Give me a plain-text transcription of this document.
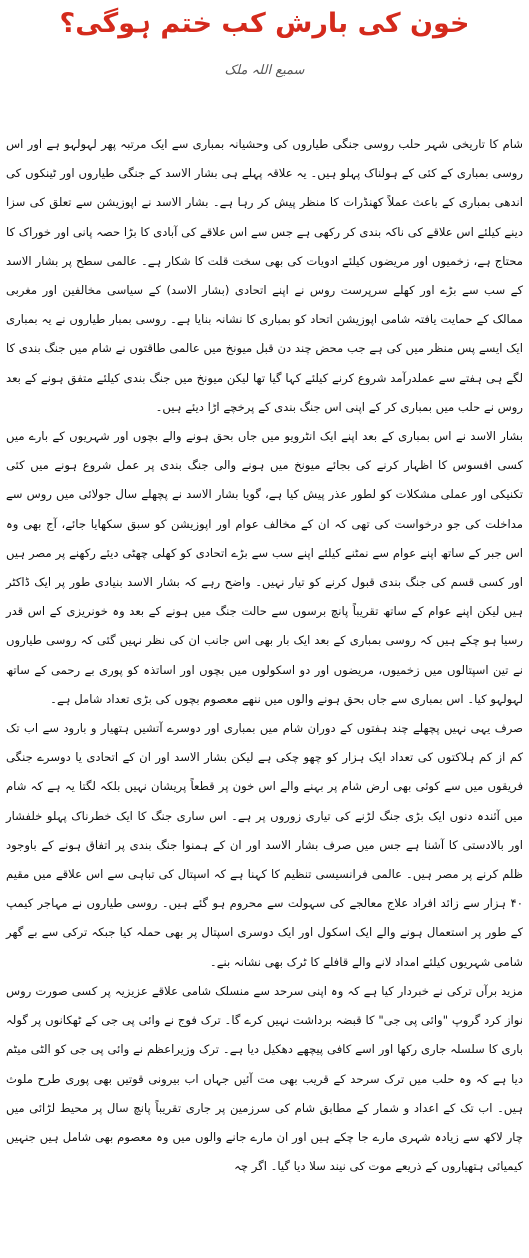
خون کی بارش کب ختم ہوگی؟
سمیع اللہ ملک

شام کا تاریخی شہر حلب روسی جنگی طیاروں کی وحشیانہ بمباری سے ایک مرتبہ پھر لہولہو ہے اور اس روسی بمباری کے کئی کے ہولناک پہلو ہیں۔ یہ علاقہ پہلے ہی بشار الاسد کے جنگی طیاروں اور ٹینکوں کی اندھی بمباری کے باعث عملاً کھنڈرات کا منظر پیش کر رہا ہے۔ بشار الاسد نے اپوزیشن سے تعلق کی سزا دینے کیلئے اس علاقے کی ناکہ بندی کر رکھی ہے جس سے اس علاقے کی آبادی کا بڑا حصہ پانی اور خوراک کا محتاج ہے، زخمیوں اور مریضوں کیلئے ادویات کی بھی سخت قلت کا شکار ہے۔ عالمی سطح پر بشار الاسد کے سب سے بڑے اور کھلے سرپرست روس نے اپنے اتحادی (بشار الاسد) کے سیاسی مخالفین اور مغربی ممالک کے حمایت یافتہ شامی اپوزیشن اتحاد کو بمباری کا نشانہ بنایا ہے۔ روسی بمبار طیاروں نے یہ بمباری ایک ایسے پس منظر میں کی ہے جب محض چند دن قبل میونخ میں عالمی طاقتوں نے شام میں جنگ بندی کا لگے ہی ہفتے سے عملدرآمد شروع کرنے کیلئے کہا گیا تھا لیکن میونخ میں جنگ بندی کیلئے متفق ہونے کے بعد روس نے حلب میں بمباری کر کے اپنی اس جنگ بندی کے پرخچے اڑا دیئے ہیں۔

بشار الاسد نے اس بمباری کے بعد اپنے ایک انٹرویو میں جاں بحق ہونے والے بچوں اور شہریوں کے بارے میں کسی افسوس کا اظہار کرنے کی بجائے میونخ میں ہونے والی جنگ بندی پر عمل شروع ہونے میں کئی تکنیکی اور عملی مشکلات کو لطور عذر پیش کیا ہے، گویا بشار الاسد نے پچھلے سال جولائی میں روس سے مداخلت کی جو درخواست کی تھی کہ ان کے مخالف عوام اور اپوزیشن کو سبق سکھایا جائے، آج بھی وہ اس جبر کے ساتھ اپنے عوام سے نمٹنے کیلئے اپنے سب سے بڑے اتحادی کو کھلی چھٹی دیئے رکھنے پر مصر ہیں اور کسی قسم کی جنگ بندی قبول کرنے کو تیار نہیں۔ واضح رہے کہ بشار الاسد بنیادی طور پر ایک ڈاکٹر ہیں لیکن اپنے عوام کے ساتھ تقریباً پانچ برسوں سے حالت جنگ میں ہونے کے بعد وہ خونریزی کے اس قدر رسیا ہو چکے ہیں کہ روسی بمباری کے بعد ایک بار بھی اس جانب ان کی نظر نہیں گئی کہ روسی طیاروں نے تین اسپتالوں میں زخمیوں، مریضوں اور دو اسکولوں میں بچوں اور اساتذہ کو پوری بے رحمی کے ساتھ لہولہو کیا۔ اس بمباری سے جاں بحق ہونے والوں میں ننھے معصوم بچوں کی بڑی تعداد شامل ہے۔

صرف یہی نہیں پچھلے چند ہفتوں کے دوران شام میں بمباری اور دوسرے آتشیں ہتھیار و بارود سے اب تک کم از کم ہلاکتوں کی تعداد ایک ہزار کو چھو چکی ہے لیکن بشار الاسد اور ان کے اتحادی یا دوسرے جنگی فریقوں میں سے کوئی بھی ارض شام پر بہنے والے اس خون پر قطعاً پریشان نہیں بلکہ لگتا یہ ہے کہ شام میں آئندہ دنوں ایک بڑی جنگ لڑنے کی تیاری زوروں پر ہے۔ اس ساری جنگ کا ایک خطرناک پہلو خلفشار اور بالادستی کا آشنا ہے جس میں صرف بشار الاسد اور ان کے ہمنوا جنگ بندی پر اتفاق ہونے کے باوجود ظلم کرنے پر مصر ہیں۔ عالمی فرانسیسی تنظیم کا کہنا ہے کہ اسپتال کی تباہی سے اس علاقے میں مقیم ۴۰ ہزار سے زائد افراد علاج معالجے کی سہولت سے محروم ہو گئے ہیں۔ روسی طیاروں نے مہاجر کیمپ کے طور پر استعمال ہونے والے ایک اسکول اور ایک دوسری اسپتال پر بھی حملہ کیا جبکہ ترکی سے بے گھر شامی شہریوں کیلئے امداد لانے والے قافلے کا ٹرک بھی نشانہ بنے۔

مزید برآں ترکی نے خبردار کیا ہے کہ وہ اپنی سرحد سے منسلک شامی علاقے عزیزیہ پر کسی صورت روس نواز کرد گروپ "وائی پی جی" کا قبضہ برداشت نہیں کرے گا۔ ترک فوج نے وائی پی جی کے ٹھکانوں پر گولہ باری کا سلسلہ جاری رکھا اور اسے کافی پیچھے دھکیل دیا ہے۔ ترک وزیراعظم نے وائی پی جی کو الٹی میٹم دیا ہے کہ وہ حلب میں ترک سرحد کے قریب بھی مت آئیں جہاں اب بیرونی قوتیں بھی پوری طرح ملوث ہیں۔ اب تک کے اعداد و شمار کے مطابق شام کی سرزمین پر جاری تقریباً پانچ سال پر محیط لڑائی میں چار لاکھ سے زیادہ شہری مارے جا چکے ہیں اور ان مارے جانے والوں میں وہ معصوم بھی شامل ہیں جنہیں کیمیائی ہتھیاروں کے ذریعے موت کی نیند سلا دیا گیا۔ اگر چہ
